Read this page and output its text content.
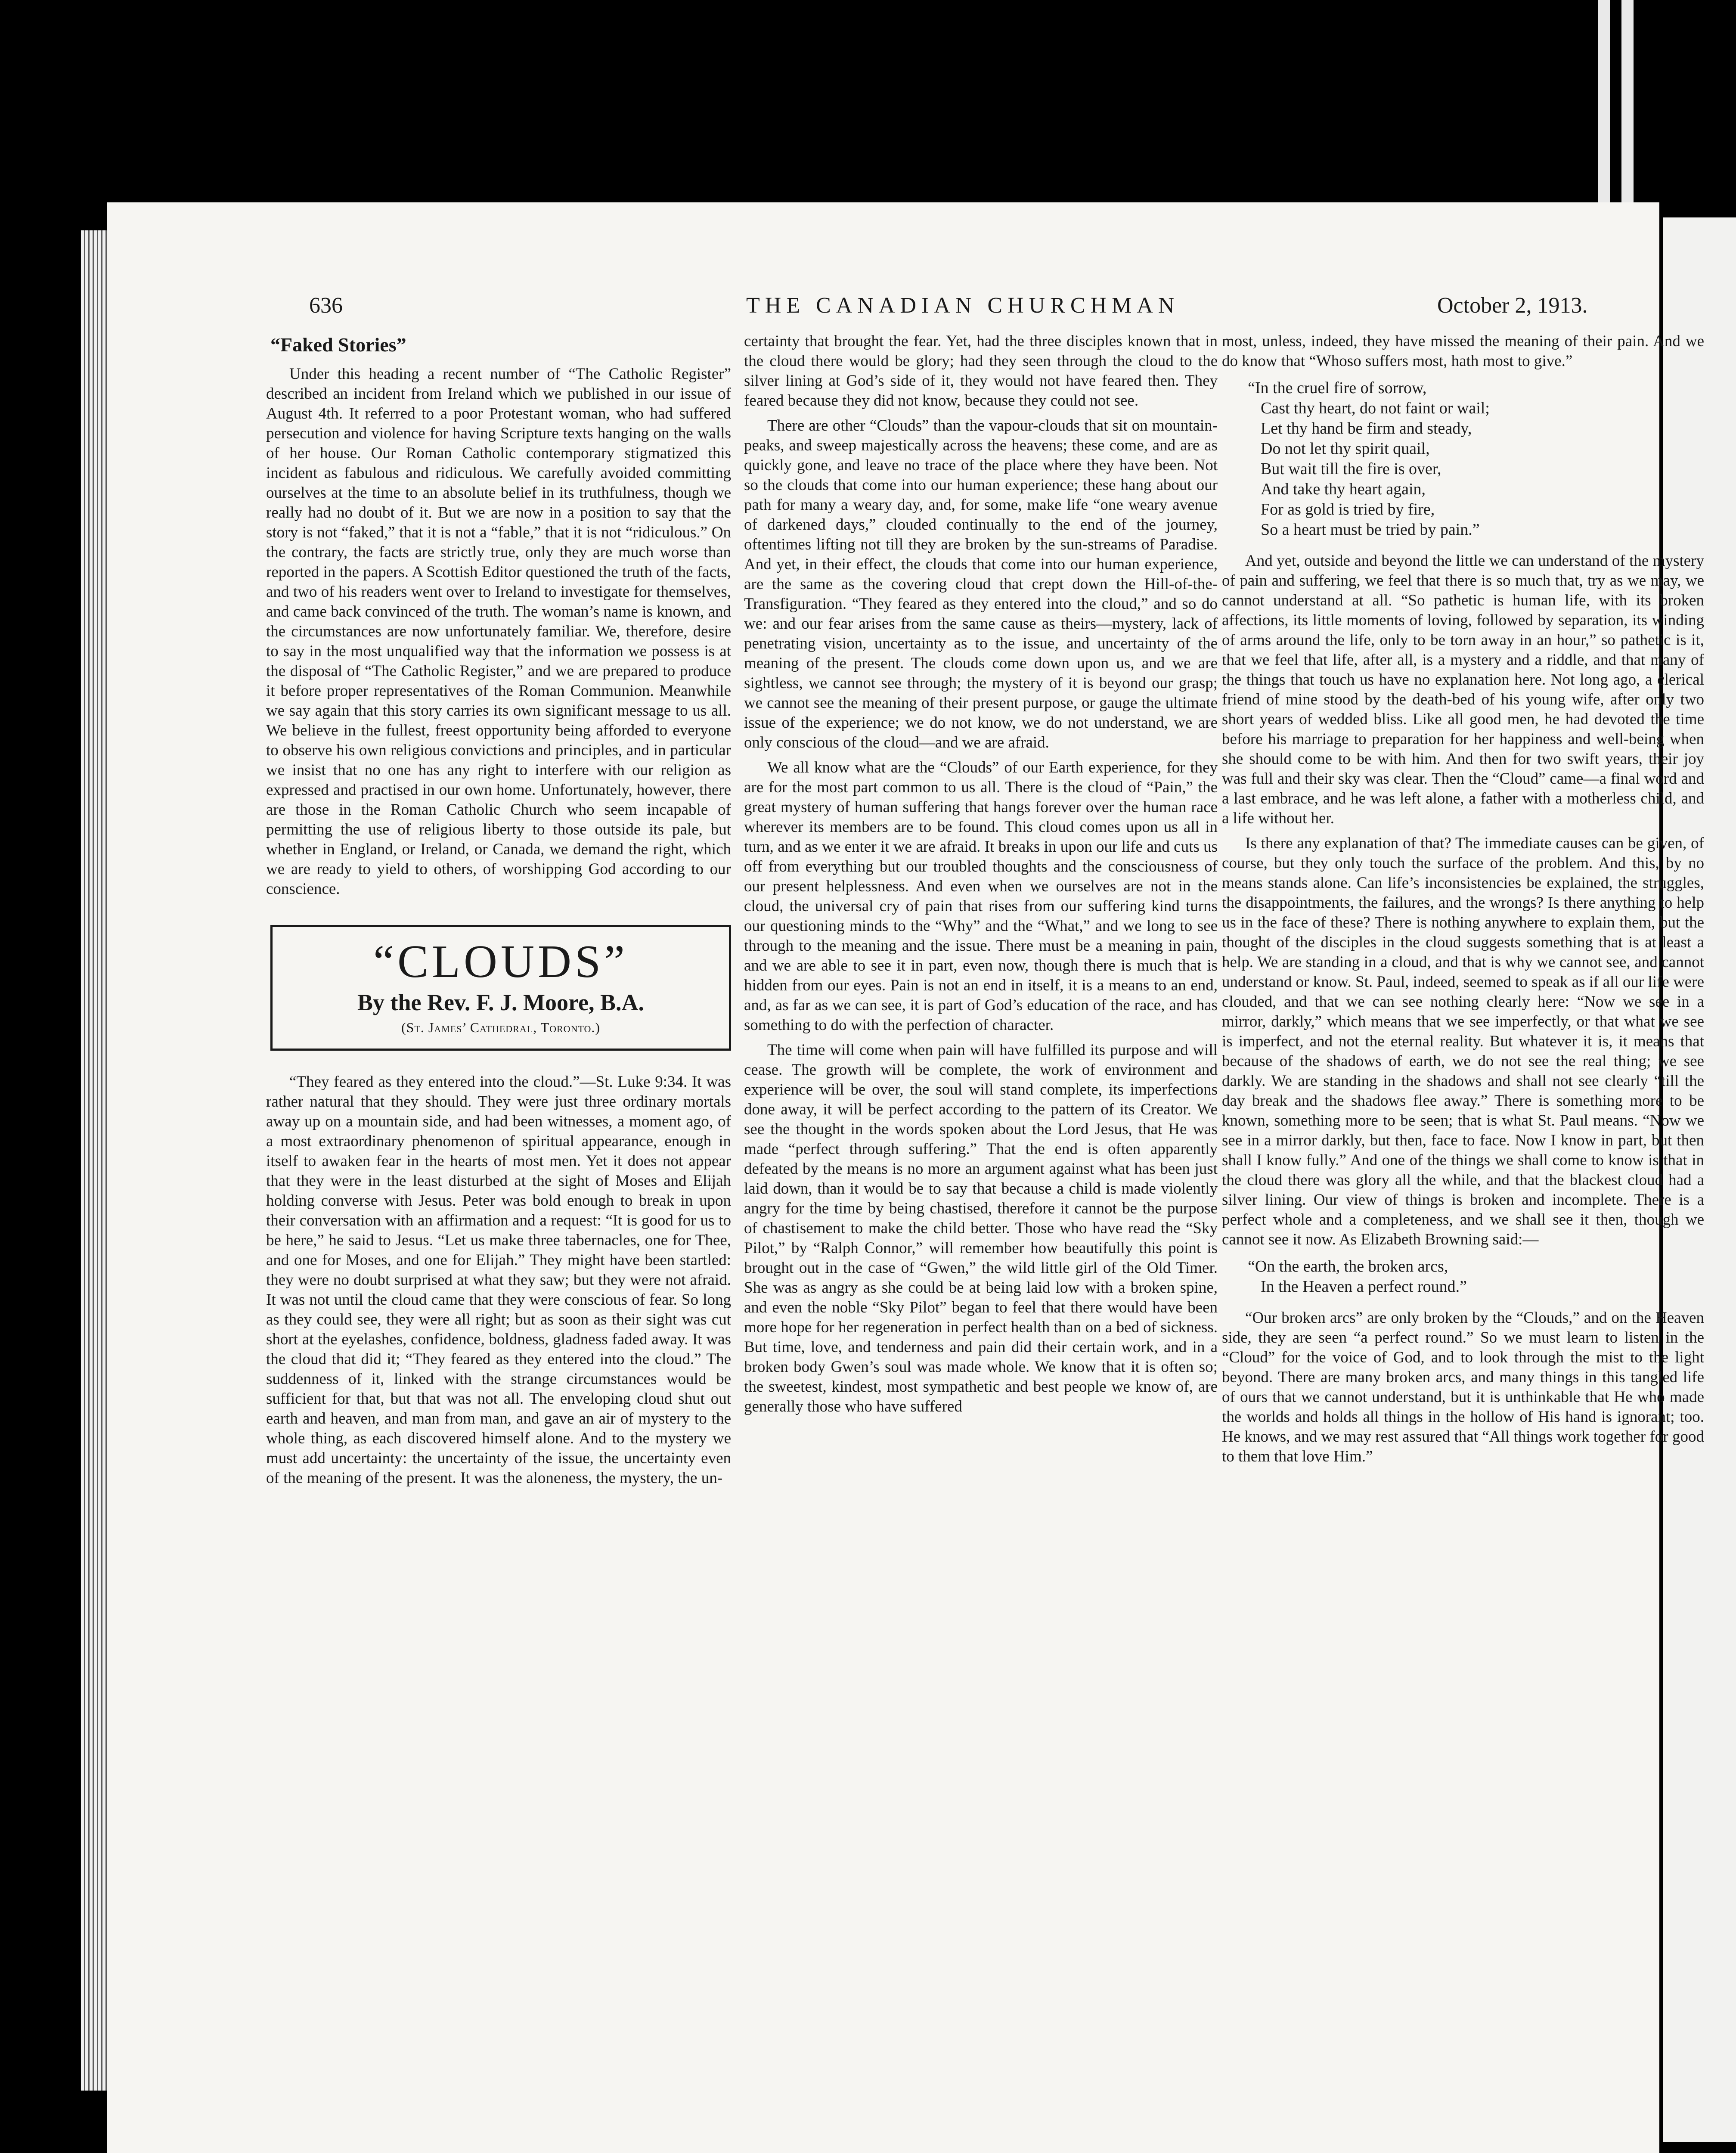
636	THE CANADIAN CHURCHMAN	October 2, 1913.
“Faked Stories”

Under this heading a recent number of “The Catholic Register” described an incident from Ireland which we published in our issue of August 4th. It referred to a poor Protestant woman, who had suffered persecution and violence for having Scripture texts hanging on the walls of her house. Our Roman Catholic contemporary stigmatized this incident as fabulous and ridiculous. We carefully avoided committing ourselves at the time to an absolute belief in its truthfulness, though we really had no doubt of it. But we are now in a position to say that the story is not “faked,” that it is not a “fable,” that it is not “ridiculous.” On the contrary, the facts are strictly true, only they are much worse than reported in the papers. A Scottish Editor questioned the truth of the facts, and two of his readers went over to Ireland to investigate for themselves, and came back convinced of the truth. The woman’s name is known, and the circumstances are now unfortunately familiar. We, therefore, desire to say in the most unqualified way that the information we possess is at the disposal of “The Catholic Register,” and we are prepared to produce it before proper representatives of the Roman Communion. Meanwhile we say again that this story carries its own significant message to us all. We believe in the fullest, freest opportunity being afforded to everyone to observe his own religious convictions and principles, and in particular we insist that no one has any right to interfere with our religion as expressed and practised in our own home. Unfortunately, however, there are those in the Roman Catholic Church who seem incapable of permitting the use of religious liberty to those outside its pale, but whether in England, or Ireland, or Canada, we demand the right, which we are ready to yield to others, of worshipping God according to our conscience.

“CLOUDS”
By the Rev. F. J. Moore, B.A.
(St. James’ Cathedral, Toronto.)

“They feared as they entered into the cloud.”—St. Luke 9:34. It was rather natural that they should. They were just three ordinary mortals away up on a mountain side, and had been witnesses, a moment ago, of a most extraordinary phenomenon of spiritual appearance, enough in itself to awaken fear in the hearts of most men. Yet it does not appear that they were in the least disturbed at the sight of Moses and Elijah holding converse with Jesus. Peter was bold enough to break in upon their conversation with an affirmation and a request: “It is good for us to be here,” he said to Jesus. “Let us make three tabernacles, one for Thee, and one for Moses, and one for Elijah.” They might have been startled: they were no doubt surprised at what they saw; but they were not afraid. It was not until the cloud came that they were conscious of fear. So long as they could see, they were all right; but as soon as their sight was cut short at the eyelashes, confidence, boldness, gladness faded away. It was the cloud that did it; “They feared as they entered into the cloud.” The suddenness of it, linked with the strange circumstances would be sufficient for that, but that was not all. The enveloping cloud shut out earth and heaven, and man from man, and gave an air of mystery to the whole thing, as each discovered himself alone. And to the mystery we must add uncertainty: the uncertainty of the issue, the uncertainty even of the meaning of the present. It was the aloneness, the mystery, the un-

certainty that brought the fear. Yet, had the three disciples known that in the cloud there would be glory; had they seen through the cloud to the silver lining at God’s side of it, they would not have feared then. They feared because they did not know, because they could not see.

There are other “Clouds” than the vapour-clouds that sit on mountain-peaks, and sweep majestically across the heavens; these come, and are as quickly gone, and leave no trace of the place where they have been. Not so the clouds that come into our human experience; these hang about our path for many a weary day, and, for some, make life “one weary avenue of darkened days,” clouded continually to the end of the journey, oftentimes lifting not till they are broken by the sun-streams of Paradise. And yet, in their effect, the clouds that come into our human experience, are the same as the covering cloud that crept down the Hill-of-the-Transfiguration. “They feared as they entered into the cloud,” and so do we: and our fear arises from the same cause as theirs—mystery, lack of penetrating vision, uncertainty as to the issue, and uncertainty of the meaning of the present. The clouds come down upon us, and we are sightless, we cannot see through; the mystery of it is beyond our grasp; we cannot see the meaning of their present purpose, or gauge the ultimate issue of the experience; we do not know, we do not understand, we are only conscious of the cloud—and we are afraid.

We all know what are the “Clouds” of our Earth experience, for they are for the most part common to us all. There is the cloud of “Pain,” the great mystery of human suffering that hangs forever over the human race wherever its members are to be found. This cloud comes upon us all in turn, and as we enter it we are afraid. It breaks in upon our life and cuts us off from everything but our troubled thoughts and the consciousness of our present helplessness. And even when we ourselves are not in the cloud, the universal cry of pain that rises from our suffering kind turns our questioning minds to the “Why” and the “What,” and we long to see through to the meaning and the issue. There must be a meaning in pain, and we are able to see it in part, even now, though there is much that is hidden from our eyes. Pain is not an end in itself, it is a means to an end, and, as far as we can see, it is part of God’s education of the race, and has something to do with the perfection of character.

The time will come when pain will have fulfilled its purpose and will cease. The growth will be complete, the work of environment and experience will be over, the soul will stand complete, its imperfections done away, it will be perfect according to the pattern of its Creator. We see the thought in the words spoken about the Lord Jesus, that He was made “perfect through suffering.” That the end is often apparently defeated by the means is no more an argument against what has been just laid down, than it would be to say that because a child is made violently angry for the time by being chastised, therefore it cannot be the purpose of chastisement to make the child better. Those who have read the “Sky Pilot,” by “Ralph Connor,” will remember how beautifully this point is brought out in the case of “Gwen,” the wild little girl of the Old Timer. She was as angry as she could be at being laid low with a broken spine, and even the noble “Sky Pilot” began to feel that there would have been more hope for her regeneration in perfect health than on a bed of sickness. But time, love, and tenderness and pain did their certain work, and in a broken body Gwen’s soul was made whole. We know that it is often so; the sweetest, kindest, most sympathetic and best people we know of, are generally those who have suffered

most, unless, indeed, they have missed the meaning of their pain. And we do know that “Whoso suffers most, hath most to give.”

“In the cruel fire of sorrow,
Cast thy heart, do not faint or wail;
Let thy hand be firm and steady,
Do not let thy spirit quail,
But wait till the fire is over,
And take thy heart again,
For as gold is tried by fire,
So a heart must be tried by pain.”

And yet, outside and beyond the little we can understand of the mystery of pain and suffering, we feel that there is so much that, try as we may, we cannot understand at all. “So pathetic is human life, with its broken affections, its little moments of loving, followed by separation, its winding of arms around the life, only to be torn away in an hour,” so pathetic is it, that we feel that life, after all, is a mystery and a riddle, and that many of the things that touch us have no explanation here. Not long ago, a clerical friend of mine stood by the death-bed of his young wife, after only two short years of wedded bliss. Like all good men, he had devoted the time before his marriage to preparation for her happiness and well-being when she should come to be with him. And then for two swift years, their joy was full and their sky was clear. Then the “Cloud” came—a final word and a last embrace, and he was left alone, a father with a motherless child, and a life without her.

Is there any explanation of that? The immediate causes can be given, of course, but they only touch the surface of the problem. And this, by no means stands alone. Can life’s inconsistencies be explained, the struggles, the disappointments, the failures, and the wrongs? Is there anything to help us in the face of these? There is nothing anywhere to explain them, but the thought of the disciples in the cloud suggests something that is at least a help. We are standing in a cloud, and that is why we cannot see, and cannot understand or know. St. Paul, indeed, seemed to speak as if all our life were clouded, and that we can see nothing clearly here: “Now we see in a mirror, darkly,” which means that we see imperfectly, or that what we see is imperfect, and not the eternal reality. But whatever it is, it means that because of the shadows of earth, we do not see the real thing; we see darkly. We are standing in the shadows and shall not see clearly “till the day break and the shadows flee away.” There is something more to be known, something more to be seen; that is what St. Paul means. “Now we see in a mirror darkly, but then, face to face. Now I know in part, but then shall I know fully.” And one of the things we shall come to know is that in the cloud there was glory all the while, and that the blackest cloud had a silver lining. Our view of things is broken and incomplete. There is a perfect whole and a completeness, and we shall see it then, though we cannot see it now. As Elizabeth Browning said:—

“On the earth, the broken arcs,
In the Heaven a perfect round.”

“Our broken arcs” are only broken by the “Clouds,” and on the Heaven side, they are seen “a perfect round.” So we must learn to listen in the “Cloud” for the voice of God, and to look through the mist to the light beyond. There are many broken arcs, and many things in this tangled life of ours that we cannot understand, but it is unthinkable that He who made the worlds and holds all things in the hollow of His hand is ignorant; too. He knows, and we may rest assured that “All things work together for good to them that love Him.”
